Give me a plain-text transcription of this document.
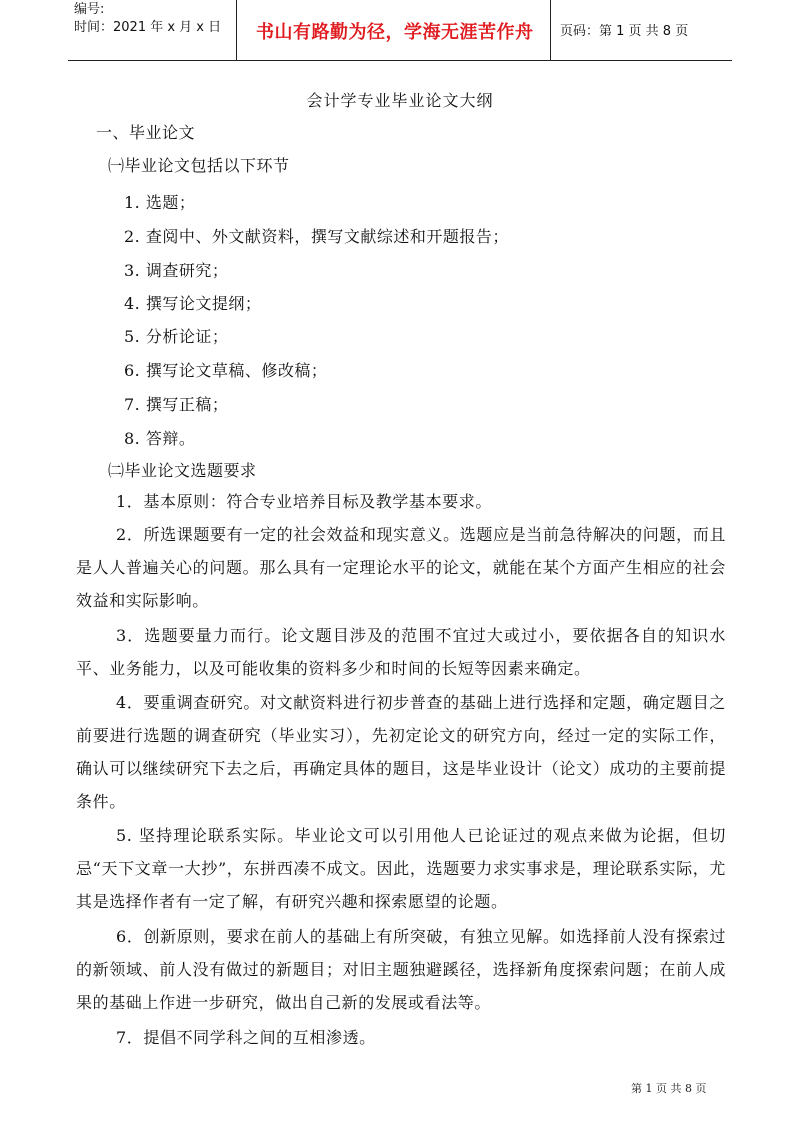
编号:
时间：2021 年 x 月 x 日 书山有路勤为径，学海无涯苦作舟 页码：第 1 页 共 8 页
会计学专业毕业论文大纲
一、毕业论文
㈠毕业论文包括以下环节
1. 选题；
2. 查阅中、外文献资料，撰写文献综述和开题报告；
3. 调查研究；
4. 撰写论文提纲；
5. 分析论证；
6. 撰写论文草稿、修改稿；
7. 撰写正稿；
8. 答辩。
㈡毕业论文选题要求

1．基本原则：符合专业培养目标及教学基本要求。

2．所选课题要有一定的社会效益和现实意义。选题应是当前急待解决的问题，而且是人人普遍关心的问题。那么具有一定理论水平的论文，就能在某个方面产生相应的社会效益和实际影响。

3．选题要量力而行。论文题目涉及的范围不宜过大或过小，要依据各自的知识水平、业务能力，以及可能收集的资料多少和时间的长短等因素来确定。

4．要重调查研究。对文献资料进行初步普查的基础上进行选择和定题，确定题目之前要进行选题的调查研究（毕业实习），先初定论文的研究方向，经过一定的实际工作，确认可以继续研究下去之后，再确定具体的题目，这是毕业设计（论文）成功的主要前提条件。

5. 坚持理论联系实际。毕业论文可以引用他人已论证过的观点来做为论据，但切忌“天下文章一大抄”，东拼西凑不成文。因此，选题要力求实事求是，理论联系实际，尤其是选择作者有一定了解，有研究兴趣和探索愿望的论题。

6．创新原则，要求在前人的基础上有所突破，有独立见解。如选择前人没有探索过的新领域、前人没有做过的新题目；对旧主题独避蹊径，选择新角度探索问题；在前人成果的基础上作进一步研究，做出自己新的发展或看法等。

7．提倡不同学科之间的互相渗透。

第 1 页 共 8 页
